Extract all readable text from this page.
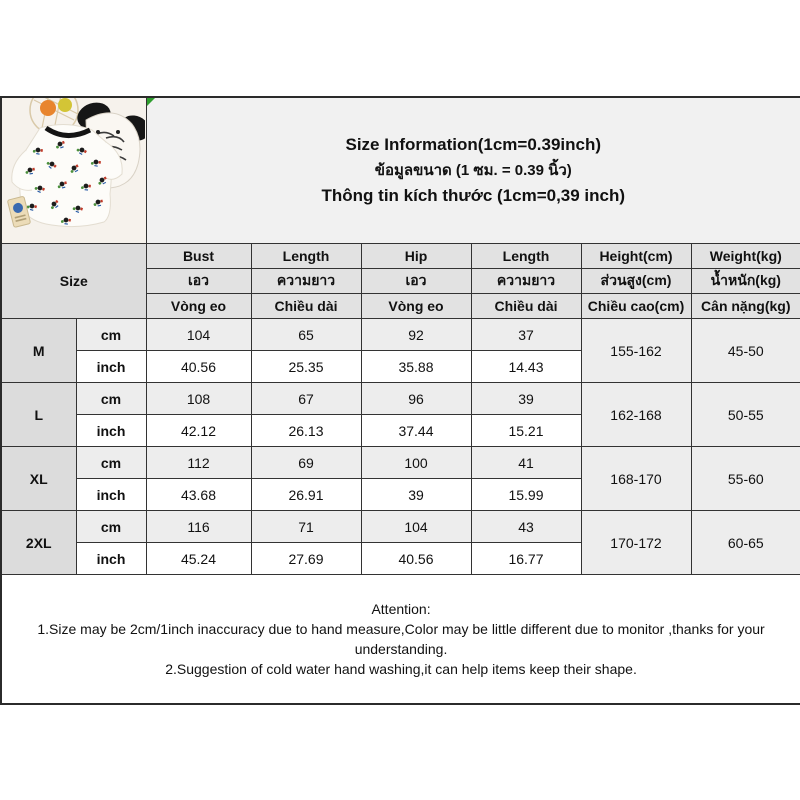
Size Information(1cm=0.39inch)
ข้อมูลขนาด (1 ซม. = 0.39 นิ้ว)
Thông tin kích thước (1cm=0,39 inch)					

Size		Bust	Length	Hip	Length	Height(cm)	Weight(kg)
		เอว	ความยาว	เอว	ความยาว	ส่วนสูง(cm)	น้ำหนัก(kg)
		Vòng eo	Chiều dài	Vòng eo	Chiều dài	Chiều cao(cm)	Cân nặng(kg)
M	cm	104	65	92	37	155-162	45-50
	inch	40.56	25.35	35.88	14.43		
L	cm	108	67	96	39	162-168	50-55
	inch	42.12	26.13	37.44	15.21		
XL	cm	112	69	100	41	168-170	55-60
	inch	43.68	26.91	39	15.99		
2XL	cm	116	71	104	43	170-172	60-65
	inch	45.24	27.69	40.56	16.77		

Attention:
1.Size may be 2cm/1inch inaccuracy due to hand measure,Color may be little different due to monitor ,thanks for your understanding.
2.Suggestion of cold water hand washing,it can help items keep their shape.							
